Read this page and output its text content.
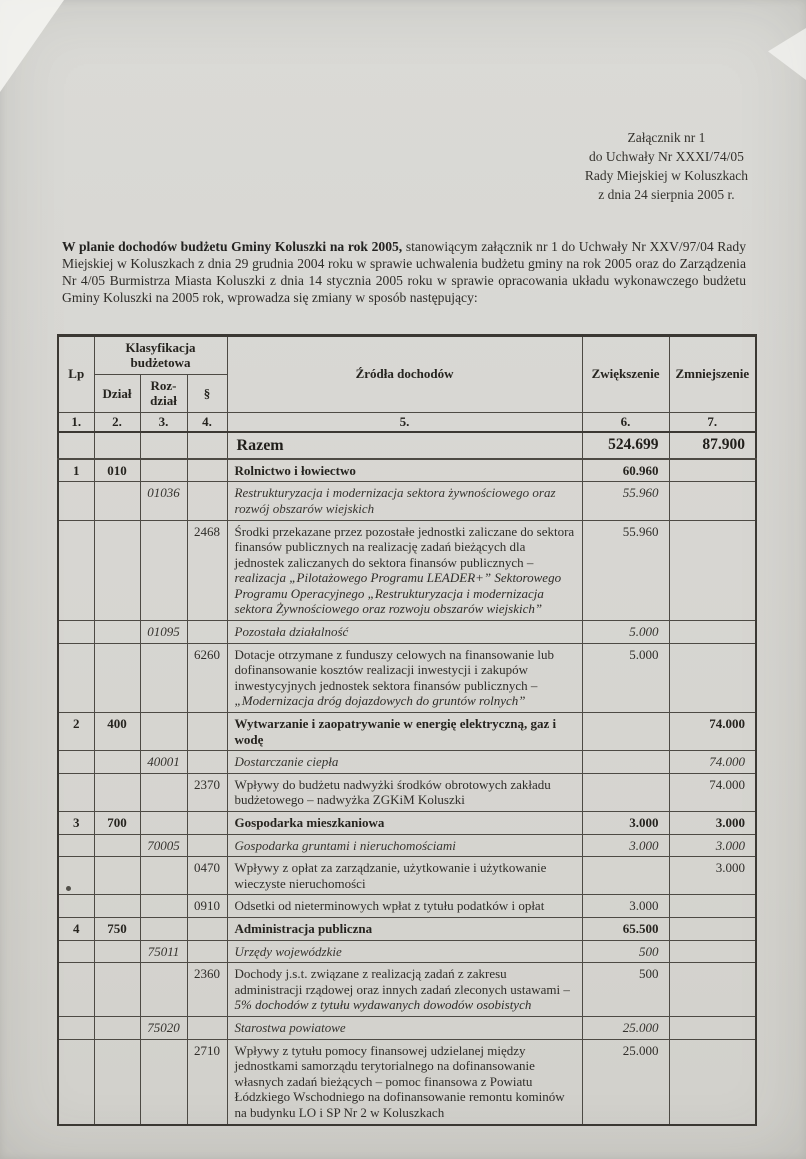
Załącznik nr 1
do Uchwały Nr XXXI/74/05
Rady Miejskiej w Koluszkach
z dnia 24 sierpnia 2005 r.

W planie dochodów budżetu Gminy Koluszki na rok 2005, stanowiącym załącznik nr 1 do Uchwały Nr XXV/97/04 Rady Miejskiej w Koluszkach z dnia 29 grudnia 2004 roku w sprawie uchwalenia budżetu gminy na rok 2005 oraz do Zarządzenia Nr 4/05 Burmistrza Miasta Koluszki z dnia 14 stycznia 2005 roku w sprawie opracowania układu wykonawczego budżetu Gminy Koluszki na 2005 rok, wprowadza się zmiany w sposób następujący:

Lp	Klasyfikacja budżetowa			Źródła dochodów	Zwiększenie	Zmniejsze​nie
	Dział	Roz-dział	§			
1.	2.	3.	4.	5.	6.	7.
				Razem	524.699	87.900
1	010			Rolnictwo i łowiectwo	60.960	
		01036		Restrukturyzacja i modernizacja sektora żywnościowego oraz rozwój obszarów wiejskich	55.960	
			2468	Środki przekazane przez pozostałe jednostki zaliczane do sektora finansów publicznych na realizację zadań bieżących dla jednostek zaliczanych do sektora finansów publicznych – realizacja „Pilotażowego Programu LEADER+” Sektorowego Programu Operacyjnego „Restrukturyzacja i modernizacja sektora Żywnościowego oraz rozwoju obszarów wiejskich”	55.960	
		01095		Pozostała działalność	5.000	
			6260	Dotacje otrzymane z funduszy celowych na finansowanie lub dofinansowanie kosztów realizacji inwestycji i zakupów inwestycyjnych jednostek sektora finansów publicznych – „Modernizacja dróg dojazdowych do gruntów rolnych”	5.000	
2	400			Wytwarzanie i zaopatrywanie w energię elektryczną, gaz i wodę		74.000
		40001		Dostarczanie ciepła		74.000
			2370	Wpływy do budżetu nadwyżki środków obrotowych zakładu budżetowego – nadwyżka ZGKiM Koluszki		74.000
3	700			Gospodarka mieszkaniowa	3.000	3.000
		70005		Gospodarka gruntami i nieruchomościami	3.000	3.000
			0470	Wpływy z opłat za zarządzanie, użytkowanie i użytkowanie wieczyste nieruchomości		3.000
			0910	Odsetki od nieterminowych wpłat z tytułu podatków i opłat	3.000	
4	750			Administracja publiczna	65.500	
		75011		Urzędy wojewódzkie	500	
			2360	Dochody j.s.t. związane z realizacją zadań z zakresu administracji rządowej oraz innych zadań zleconych ustawami – 5% dochodów z tytułu wydawanych dowodów osobistych	500	
		75020		Starostwa powiatowe	25.000	
			2710	Wpływy z tytułu pomocy finansowej udzielanej między jednostkami samorządu terytorialnego na dofinansowanie własnych zadań bieżących – pomoc finansowa z Powiatu Łódzkiego Wschodniego na dofinansowanie remontu kominów na budynku LO i SP Nr 2 w Koluszkach	25.000	
